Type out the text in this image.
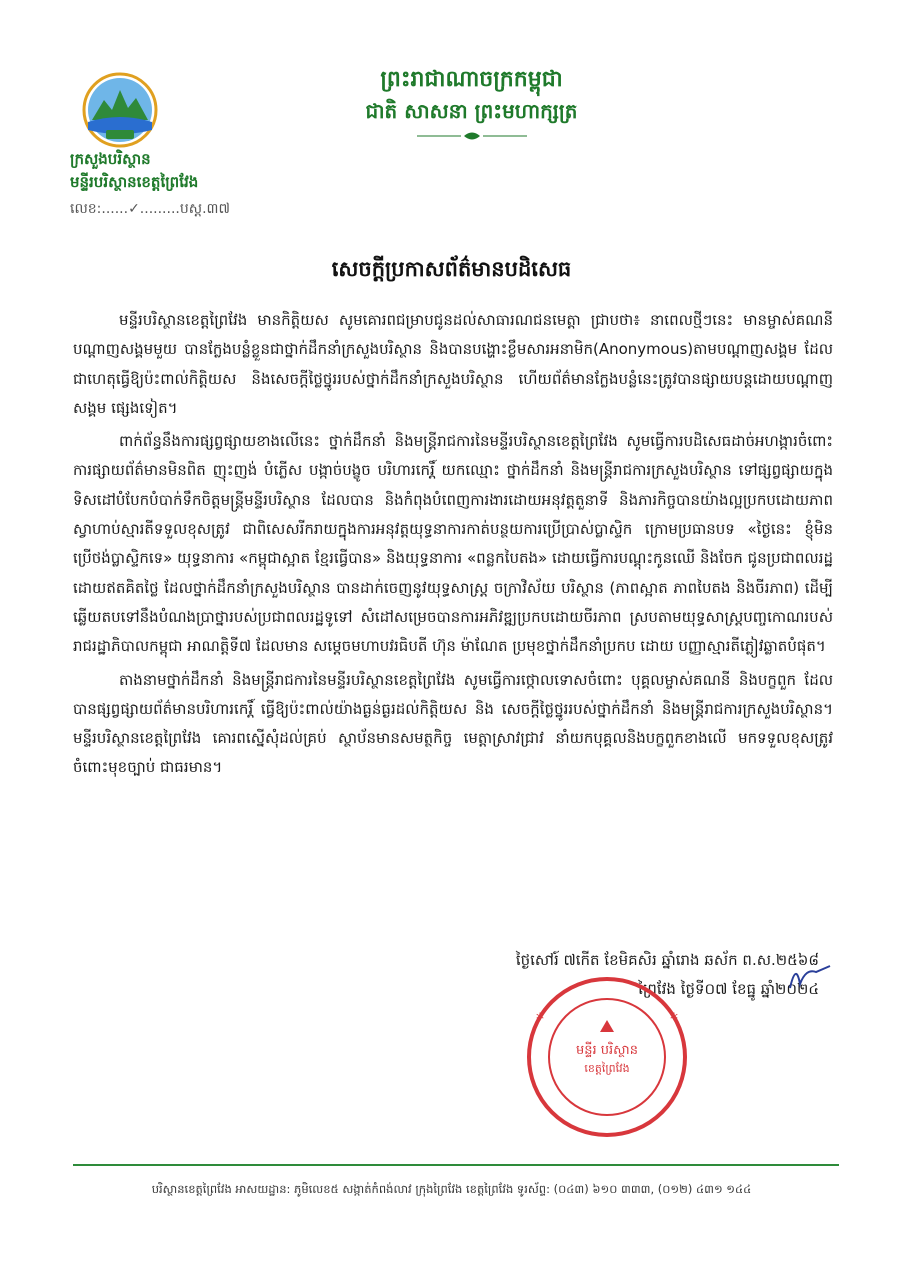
ក្រសួងបរិស្ថាន
មន្ទីរបរិស្ថានខេត្តព្រៃវែង
លេខ:......✓.........បស្ត.៣៧
ព្រះរាជាណាចក្រកម្ពុជា
ជាតិ សាសនា ព្រះមហាក្សត្រ
សេចក្តីប្រកាសព័ត៌មានបដិសេធ

មន្ទីរបរិស្ថានខេត្តព្រៃវែង មានកិត្តិយស សូមគោរពជម្រាបជូនដល់សាធារណជនមេត្តា ជ្រាបថា៖ នាពេលថ្មីៗនេះ មានម្ចាស់គណនីបណ្តាញសង្គមមួយ បានក្លែងបន្លំខ្លួនជាថ្នាក់ដឹកនាំក្រសួងបរិស្ថាន និងបានបង្ហោះខ្លឹមសារអនាមិក(Anonymous)តាមបណ្តាញសង្គម ដែលជាហេតុធ្វើឱ្យប៉ះពាល់កិត្តិយស និងសេចក្តីថ្លៃថ្នូររបស់ថ្នាក់ដឹកនាំក្រសួងបរិស្ថាន ហើយព័ត៌មានក្លែងបន្លំនេះត្រូវបានផ្សាយបន្តដោយបណ្តាញសង្គម ផ្សេងទៀត។

ពាក់ព័ន្ធនឹងការផ្សព្វផ្សាយខាងលើនេះ ថ្នាក់ដឹកនាំ និងមន្ត្រីរាជការនៃមន្ទីរបរិស្ថានខេត្តព្រៃវែង សូមធ្វើការបដិសេធដាច់អហង្ការចំពោះការផ្សាយព័ត៌មានមិនពិត ញុះញង់ បំភ្លើស បង្កាច់បង្ខូច បរិហារកេរ្តិ៍ យកឈ្មោះ ថ្នាក់ដឹកនាំ និងមន្ត្រីរាជការក្រសួងបរិស្ថាន ទៅផ្សព្វផ្សាយក្នុងទិសដៅបំបែកបំបាក់ទឹកចិត្តមន្ត្រីមន្ទីរបរិស្ថាន ដែលបាន និងកំពុងបំពេញការងារដោយអនុវត្តតួនាទី និងភារកិច្ចបានយ៉ាងល្អប្រកបដោយភាពស្វាហាប់ស្មារតីទទួលខុសត្រូវ ជាពិសេសរីករាយក្នុងការអនុវត្តយុទ្ធនាការកាត់បន្ថយការប្រើប្រាស់ប្លាស្ទិក ក្រោមប្រធានបទ «ថ្ងៃនេះ ខ្ញុំមិនប្រើថង់ប្លាស្ទិកទេ» យុទ្ធនាការ «កម្ពុជាស្អាត ខ្មែរធ្វើបាន» និងយុទ្ធនាការ «ពន្លកបៃតង» ដោយធ្វើការបណ្តុះកូនឈើ និងចែក ជូនប្រជាពលរដ្ឋដោយឥតគិតថ្លៃ ដែលថ្នាក់ដឹកនាំក្រសួងបរិស្ថាន បានដាក់ចេញនូវយុទ្ធសាស្ត្រ ចក្រាវិស័យ បរិស្ថាន (ភាពស្អាត ភាពបៃតង និងចីរភាព) ដើម្បីឆ្លើយតបទៅនឹងបំណងប្រាថ្នារបស់ប្រជាពលរដ្ឋទូទៅ សំដៅសម្រេចបានការអភិវឌ្ឍប្រកបដោយចីរភាព ស្របតាមយុទ្ធសាស្ត្របញ្ចកោណរបស់រាជរដ្ឋាភិបាលកម្ពុជា អាណត្តិទី៧ ដែលមាន សម្តេចមហាបវរធិបតី ហ៊ុន ម៉ាណែត ប្រមុខថ្នាក់ដឹកនាំប្រកប ដោយ បញ្ញាស្មារតីភ្លៀវឆ្លាតបំផុត។

តាងនាមថ្នាក់ដឹកនាំ និងមន្ត្រីរាជការនៃមន្ទីរបរិស្ថានខេត្តព្រៃវែង សូមធ្វើការថ្កោលទោសចំពោះ បុគ្គលម្ចាស់គណនី និងបក្ខពួក ដែលបានផ្សព្វផ្សាយព័ត៌មានបរិហារកេរ្តិ៍ ធ្វើឱ្យប៉ះពាល់យ៉ាងធ្ងន់ធ្ងរដល់កិត្តិយស និង សេចក្តីថ្លៃថ្នូររបស់ថ្នាក់ដឹកនាំ និងមន្ត្រីរាជការក្រសួងបរិស្ថាន។ មន្ទីរបរិស្ថានខេត្តព្រៃវែង គោរពស្នើសុំដល់គ្រប់ ស្ថាប័នមានសមត្ថកិច្ច មេត្តាស្រាវជ្រាវ នាំយកបុគ្គលនិងបក្ខពួកខាងលើ មកទទួលខុសត្រូវចំពោះមុខច្បាប់ ជាធរមាន។

ថ្ងៃសៅរ៍ ៧កើត ខែមិគសិរ ឆ្នាំរោង ឆស័ក ព.ស.២៥៦៨
ព្រៃវែង ថ្ងៃទី០៧ ខែធ្នូ ឆ្នាំ២០២៤
មន្ទីរ បរិស្ថាន
ខេត្តព្រៃវែង
*
*
បរិស្ថានខេត្តព្រៃវែង អាសយដ្ឋាន: ភូមិលេខ៥ សង្កាត់កំពង់លាវ ក្រុងព្រៃវែង ខេត្តព្រៃវែង ទូរស័ព្ទ: (០៤៣) ៦១០ ៣៣៣, (០១២) ៤៣១ ១៤៤
